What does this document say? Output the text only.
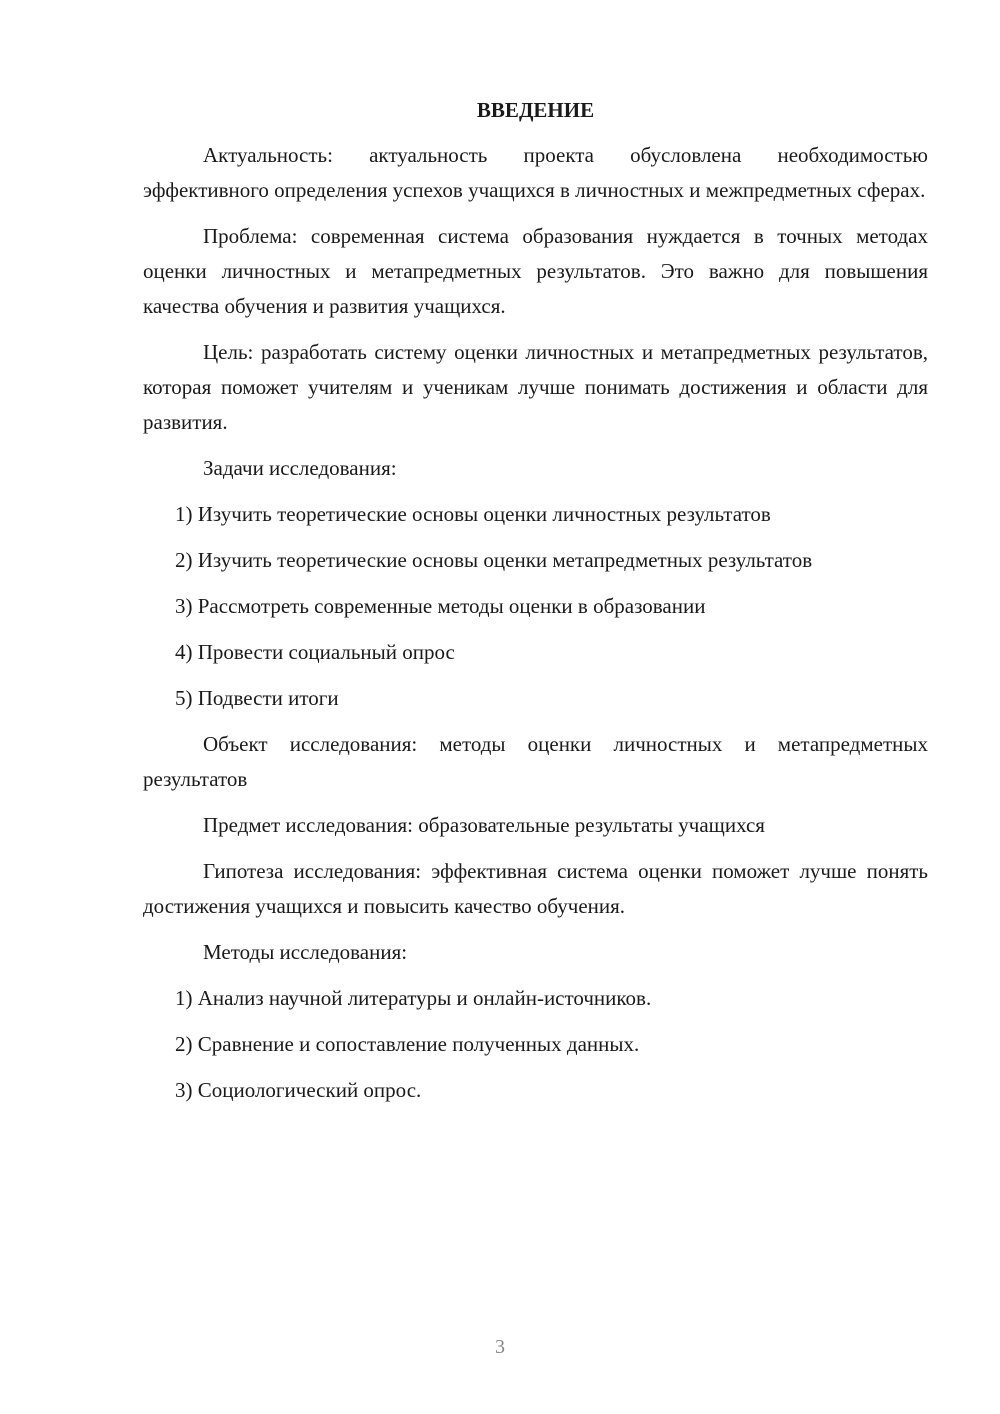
ВВЕДЕНИЕ
Актуальность: актуальность проекта обусловлена необходимостью эффективного определения успехов учащихся в личностных и межпредметных сферах.
Проблема: современная система образования нуждается в точных методах оценки личностных и метапредметных результатов. Это важно для повышения качества обучения и развития учащихся.
Цель: разработать систему оценки личностных и метапредметных результатов, которая поможет учителям и ученикам лучше понимать достижения и области для развития.
Задачи исследования:
1) Изучить теоретические основы оценки личностных результатов
2) Изучить теоретические основы оценки метапредметных результатов
3) Рассмотреть современные методы оценки в образовании
4) Провести социальный опрос
5) Подвести итоги
Объект исследования: методы оценки личностных и метапредметных результатов
Предмет исследования: образовательные результаты учащихся
Гипотеза исследования: эффективная система оценки поможет лучше понять достижения учащихся и повысить качество обучения.
Методы исследования:
1) Анализ научной литературы и онлайн-источников.
2) Сравнение и сопоставление полученных данных.
3) Социологический опрос.
3
